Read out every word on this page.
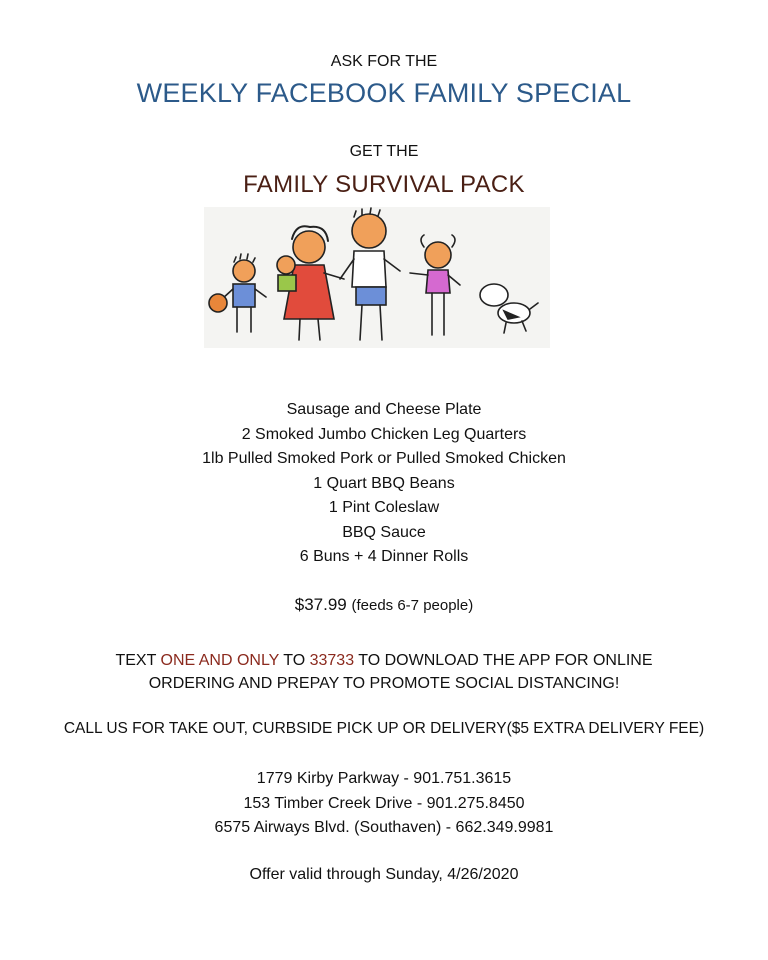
ASK FOR THE
WEEKLY FACEBOOK FAMILY SPECIAL
GET THE
FAMILY SURVIVAL PACK
Sausage and Cheese Plate
2 Smoked Jumbo Chicken Leg Quarters
1lb Pulled Smoked Pork or Pulled Smoked Chicken
1 Quart BBQ Beans
1 Pint Coleslaw
BBQ Sauce
6 Buns + 4 Dinner Rolls
$37.99 (feeds 6-7 people)
TEXT ONE AND ONLY TO 33733 TO DOWNLOAD THE APP FOR ONLINE
ORDERING AND PREPAY TO PROMOTE SOCIAL DISTANCING!
CALL US FOR TAKE OUT, CURBSIDE PICK UP OR DELIVERY($5 EXTRA DELIVERY FEE)
1779 Kirby Parkway - 901.751.3615
153 Timber Creek Drive - 901.275.8450
6575 Airways Blvd. (Southaven) - 662.349.9981
Offer valid through Sunday, 4/26/2020
